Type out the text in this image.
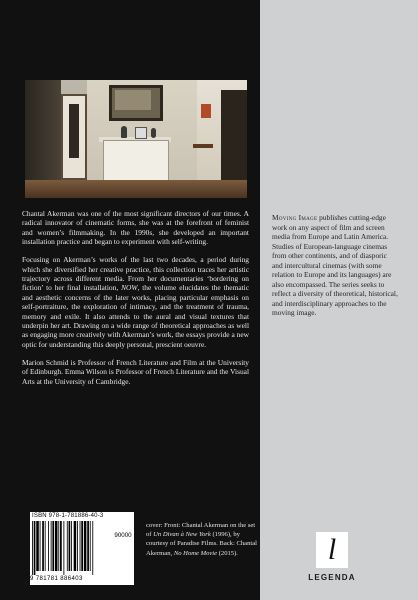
Chantal Akerman was one of the most significant directors of our times. A radical innovator of cinematic forms, she was at the forefront of feminist and women’s filmmaking. In the 1990s, she developed an important installation practice and began to experiment with self-writing.

Focusing on Akerman’s works of the last two decades, a period during which she diversified her creative practice, this collection traces her artistic trajectory across different media. From her documentaries ‘bordering on fiction’ to her final installation, NOW, the volume elucidates the thematic and aesthetic concerns of the later works, placing particular emphasis on self-portraiture, the exploration of intimacy, and the treatment of trauma, memory and exile. It also attends to the aural and visual textures that underpin her art. Drawing on a wide range of theoretical approaches as well as engaging more creatively with Akerman’s work, the essays provide a new optic for understanding this deeply personal, prescient oeuvre.

Marion Schmid is Professor of French Literature and Film at the University of Edinburgh. Emma Wilson is Professor of French Literature and the Visual Arts at the University of Cambridge.

Moving Image publishes cutting-edge work on any aspect of film and screen media from Europe and Latin America. Studies of European-language cinemas from other continents, and of diasporic and intercultural cinemas (with some relation to Europe and its languages) are also encompassed. The series seeks to reflect a diversity of theoretical, historical, and interdisciplinary approaches to the moving image.
ISBN 978-1-781886-40-3
90000
9 781781 886403
cover: Front: Chantal Akerman on the set of Un Divan à New York (1996), by courtesy of Paradise Films. Back: Chantal Akerman, No Home Movie (2015).	l
LEGENDA
